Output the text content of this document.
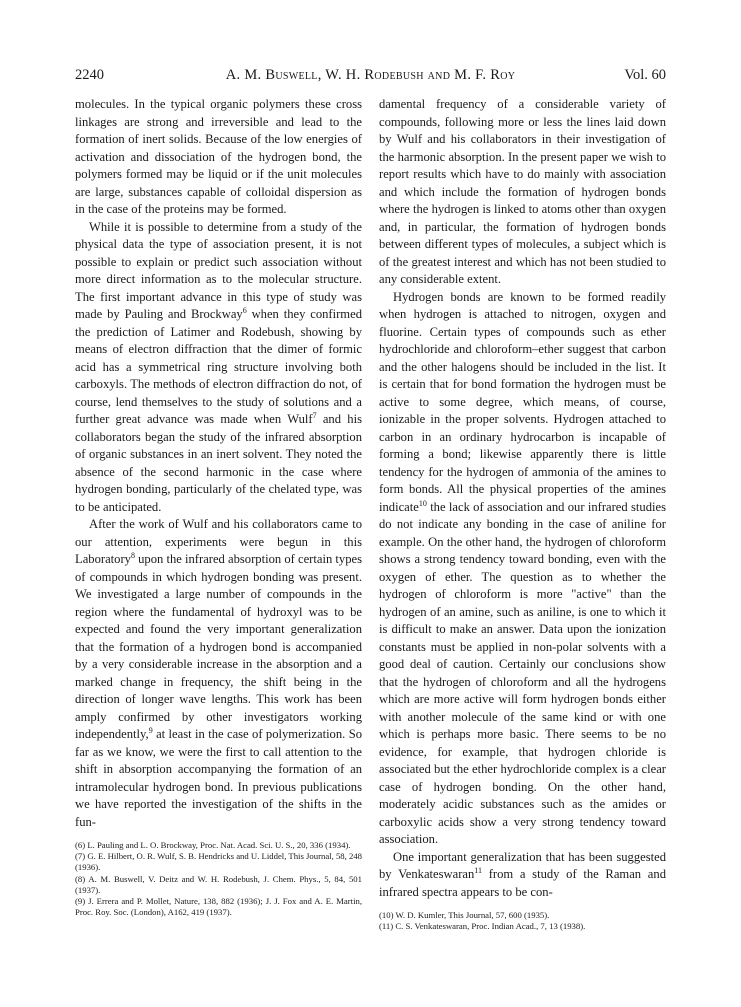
2240	A. M. Buswell, W. H. Rodebush and M. F. Roy	Vol. 60

molecules. In the typical organic polymers these cross linkages are strong and irreversible and lead to the formation of inert solids. Because of the low energies of activation and dissociation of the hydrogen bond, the polymers formed may be liquid or if the unit molecules are large, substances capable of colloidal dispersion as in the case of the proteins may be formed.

While it is possible to determine from a study of the physical data the type of association present, it is not possible to explain or predict such association without more direct information as to the molecular structure. The first important advance in this type of study was made by Pauling and Brockway$^6$ when they confirmed the prediction of Latimer and Rodebush, showing by means of electron diffraction that the dimer of formic acid has a symmetrical ring structure involving both carboxyls. The methods of electron diffraction do not, of course, lend themselves to the study of solutions and a further great advance was made when Wulf$^7$ and his collaborators began the study of the infrared absorption of organic substances in an inert solvent. They noted the absence of the second harmonic in the case where hydrogen bonding, particularly of the chelated type, was to be anticipated.

After the work of Wulf and his collaborators came to our attention, experiments were begun in this Laboratory$^8$ upon the infrared absorption of certain types of compounds in which hydrogen bonding was present. We investigated a large number of compounds in the region where the fundamental of hydroxyl was to be expected and found the very important generalization that the formation of a hydrogen bond is accompanied by a very considerable increase in the absorption and a marked change in frequency, the shift being in the direction of longer wave lengths. This work has been amply confirmed by other investigators working independently,$^9$ at least in the case of polymerization. So far as we know, we were the first to call attention to the shift in absorption accompanying the formation of an intramolecular hydrogen bond. In previous publications we have reported the investigation of the shifts in the fun-

(6) L. Pauling and L. O. Brockway, Proc. Nat. Acad. Sci. U. S., 20, 336 (1934).

(7) G. E. Hilbert, O. R. Wulf, S. B. Hendricks and U. Liddel, This Journal, 58, 248 (1936).

(8) A. M. Buswell, V. Deitz and W. H. Rodebush, J. Chem. Phys., 5, 84, 501 (1937).

(9) J. Errera and P. Mollet, Nature, 138, 882 (1936); J. J. Fox and A. E. Martin, Proc. Roy. Soc. (London), A162, 419 (1937).

damental frequency of a considerable variety of compounds, following more or less the lines laid down by Wulf and his collaborators in their investigation of the harmonic absorption. In the present paper we wish to report results which have to do mainly with association and which include the formation of hydrogen bonds where the hydrogen is linked to atoms other than oxygen and, in particular, the formation of hydrogen bonds between different types of molecules, a subject which is of the greatest interest and which has not been studied to any considerable extent.

Hydrogen bonds are known to be formed readily when hydrogen is attached to nitrogen, oxygen and fluorine. Certain types of compounds such as ether hydrochloride and chloroform–ether suggest that carbon and the other halogens should be included in the list. It is certain that for bond formation the hydrogen must be active to some degree, which means, of course, ionizable in the proper solvents. Hydrogen attached to carbon in an ordinary hydrocarbon is incapable of forming a bond; likewise apparently there is little tendency for the hydrogen of ammonia of the amines to form bonds. All the physical properties of the amines indicate$^{10}$ the lack of association and our infrared studies do not indicate any bonding in the case of aniline for example. On the other hand, the hydrogen of chloroform shows a strong tendency toward bonding, even with the oxygen of ether. The question as to whether the hydrogen of chloroform is more "active" than the hydrogen of an amine, such as aniline, is one to which it is difficult to make an answer. Data upon the ionization constants must be applied in non-polar solvents with a good deal of caution. Certainly our conclusions show that the hydrogen of chloroform and all the hydrogens which are more active will form hydrogen bonds either with another molecule of the same kind or with one which is perhaps more basic. There seems to be no evidence, for example, that hydrogen chloride is associated but the ether hydrochloride complex is a clear case of hydrogen bonding. On the other hand, moderately acidic substances such as the amides or carboxylic acids show a very strong tendency toward association.

One important generalization that has been suggested by Venkateswaran$^{11}$ from a study of the Raman and infrared spectra appears to be con-

(10) W. D. Kumler, This Journal, 57, 600 (1935).

(11) C. S. Venkateswaran, Proc. Indian Acad., 7, 13 (1938).
